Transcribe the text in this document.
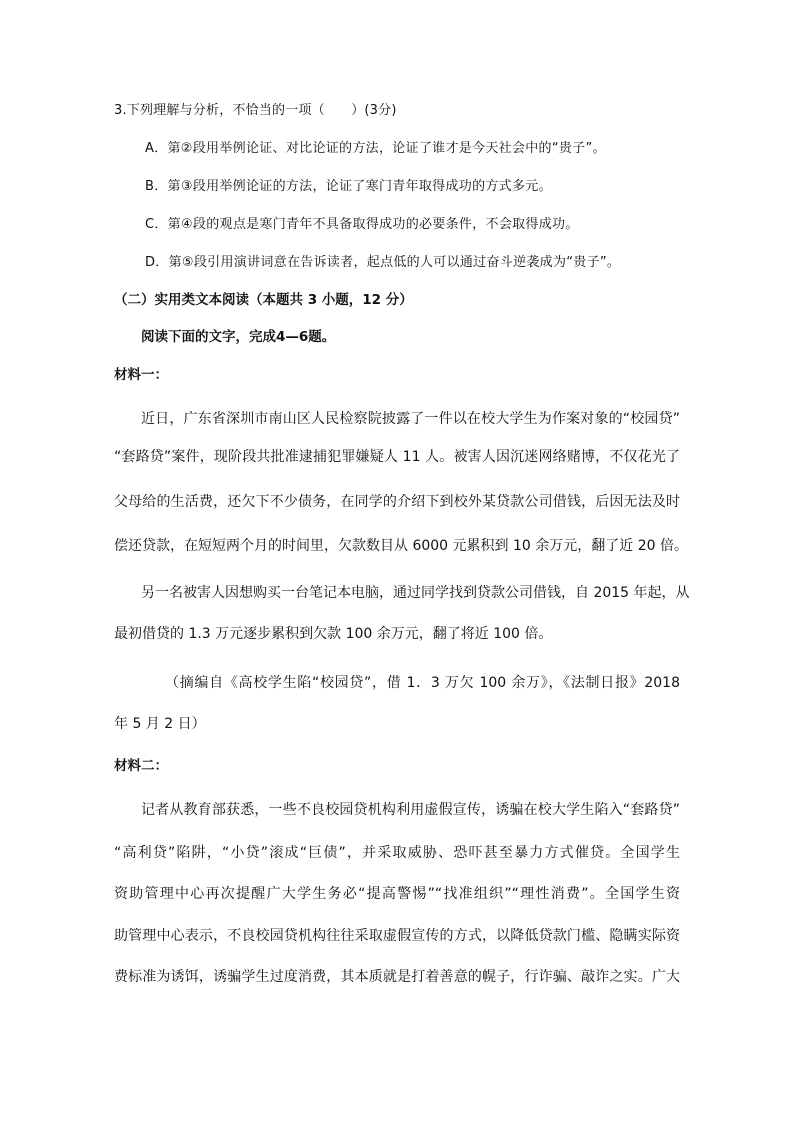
3.下列理解与分析，不恰当的一项（　　）(3分)
A．第②段用举例论证、对比论证的方法，论证了谁才是今天社会中的“贵子”。
B．第③段用举例论证的方法，论证了寒门青年取得成功的方式多元。
C．第④段的观点是寒门青年不具备取得成功的必要条件，不会取得成功。
D．第⑤段引用演讲词意在告诉读者，起点低的人可以通过奋斗逆袭成为“贵子”。
（二）实用类文本阅读（本题共 3 小题，12 分）
阅读下面的文字，完成4—6题。
材料一：
近日，广东省深圳市南山区人民检察院披露了一件以在校大学生为作案对象的“校园贷”
“套路贷”案件，现阶段共批准逮捕犯罪嫌疑人 11 人。被害人因沉迷网络赌博，不仅花光了
父母给的生活费，还欠下不少债务，在同学的介绍下到校外某贷款公司借钱，后因无法及时
偿还贷款，在短短两个月的时间里，欠款数目从 6000 元累积到 10 余万元，翻了近 20 倍。
另一名被害人因想购买一台笔记本电脑，通过同学找到贷款公司借钱，自 2015 年起，从
最初借贷的 1.3 万元逐步累积到欠款 100 余万元，翻了将近 100 倍。
（摘编自《高校学生陷“校园贷”，借 1．3 万欠 100 余万》，《法制日报》2018
年 5 月 2 日）
材料二：
记者从教育部获悉，一些不良校园贷机构利用虚假宣传，诱骗在校大学生陷入“套路贷”
“高利贷”陷阱，“小贷”滚成“巨债”，并采取威胁、恐吓甚至暴力方式催贷。全国学生
资助管理中心再次提醒广大学生务必“提高警惕”“找准组织”“理性消费”。全国学生资
助管理中心表示，不良校园贷机构往往采取虚假宣传的方式，以降低贷款门槛、隐瞒实际资
费标准为诱饵，诱骗学生过度消费，其本质就是打着善意的幌子，行诈骗、敲诈之实。广大
